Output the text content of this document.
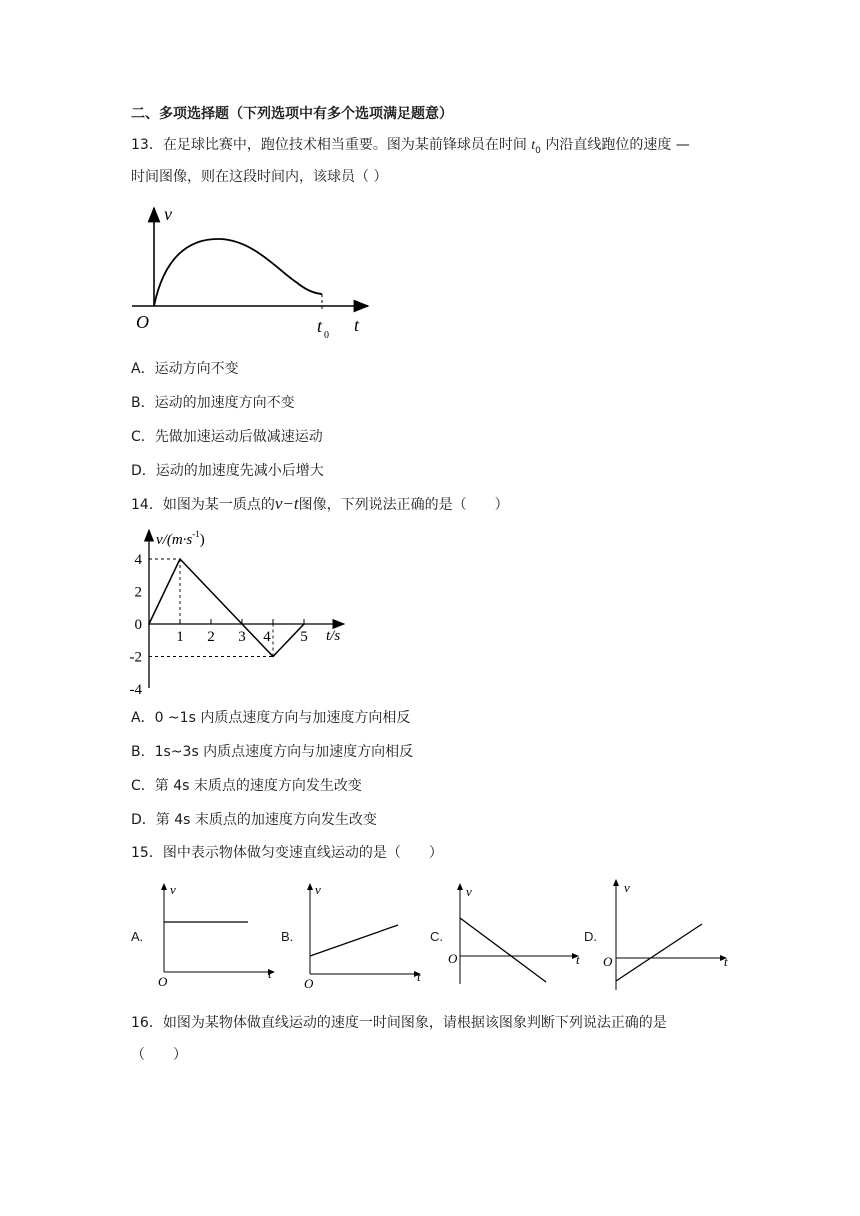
二、多项选择题（下列选项中有多个选项满足题意）
13．在足球比赛中，跑位技术相当重要。图为某前锋球员在时间 $t_0$ 内沿直线跑位的速度 —
时间图像，则在这段时间内，该球员（ ）
v
t
O	t 0
A．运动方向不变
B．运动的加速度方向不变
C．先做加速运动后做减速运动
D．运动的加速度先减小后增大
14．如图为某一质点的v−t图像，下列说法正确的是（　　）
$v/(m\cdot s^{-1})$
t/s
4
2
0
-2
-4
1 2 3 4 5
A．0 ~1s 内质点速度方向与加速度方向相反
B．1s~3s 内质点速度方向与加速度方向相反
C．第 4s 末质点的速度方向发生改变
D．第 4s 末质点的加速度方向发生改变
15．图中表示物体做匀变速直线运动的是（　　）
A.
v
t
O
B.
v
t
O
C.
v
t
O
D.
v
t
O
16．如图为某物体做直线运动的速度一时间图象，请根据该图象判断下列说法正确的是
（　　）
